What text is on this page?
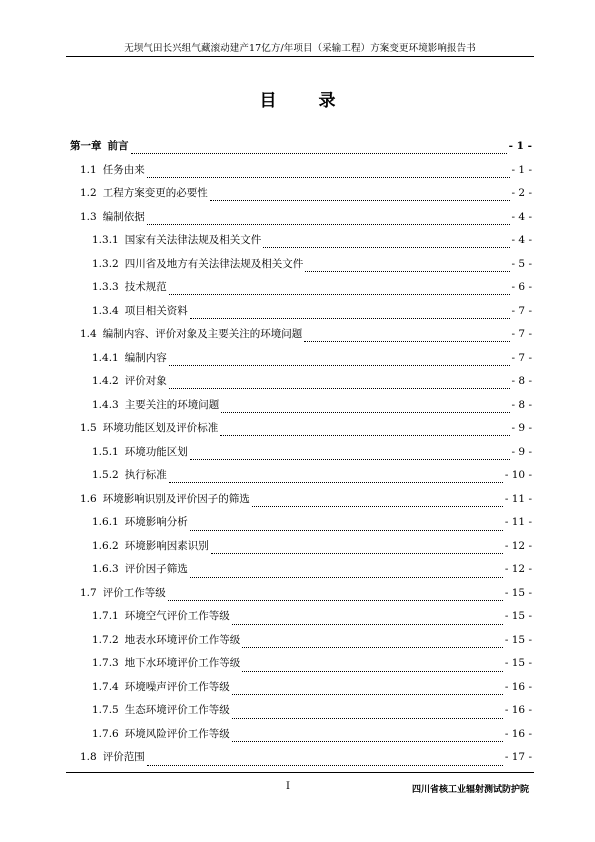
无坝气田长兴组气藏滚动建产17亿方/年项目（采输工程）方案变更环境影响报告书
目 录
第一章 前言	- 1 -
1.1 任务由来	- 1 -
1.2 工程方案变更的必要性	- 2 -
1.3 编制依据	- 4 -
1.3.1 国家有关法律法规及相关文件	- 4 -
1.3.2 四川省及地方有关法律法规及相关文件	- 5 -
1.3.3 技术规范	- 6 -
1.3.4 项目相关资料	- 7 -
1.4 编制内容、评价对象及主要关注的环境问题	- 7 -
1.4.1 编制内容	- 7 -
1.4.2 评价对象	- 8 -
1.4.3 主要关注的环境问题	- 8 -
1.5 环境功能区划及评价标准	- 9 -
1.5.1 环境功能区划	- 9 -
1.5.2 执行标准	- 10 -
1.6 环境影响识别及评价因子的筛选	- 11 -
1.6.1 环境影响分析	- 11 -
1.6.2 环境影响因素识别	- 12 -
1.6.3 评价因子筛选	- 12 -
1.7 评价工作等级	- 15 -
1.7.1 环境空气评价工作等级	- 15 -
1.7.2 地表水环境评价工作等级	- 15 -
1.7.3 地下水环境评价工作等级	- 15 -
1.7.4 环境噪声评价工作等级	- 16 -
1.7.5 生态环境评价工作等级	- 16 -
1.7.6 环境风险评价工作等级	- 16 -
1.8 评价范围	- 17 -
I	四川省核工业辐射测试防护院
